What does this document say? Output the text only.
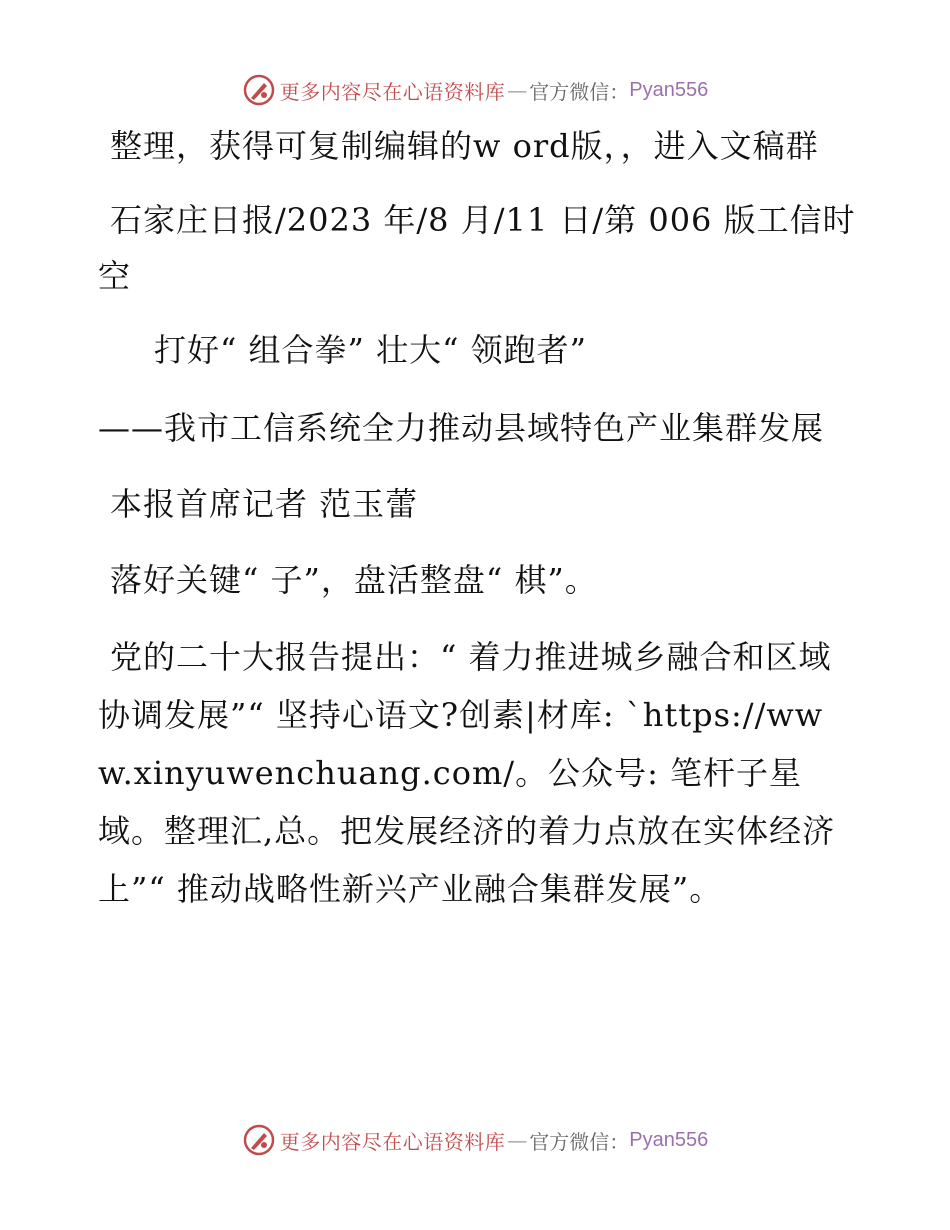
更多内容尽在心语资料库 — 官方微信： Pyan556

整理，获得可复制编辑的w ord版，，进入文稿群

石家庄日报/2023 年/8 月/11 日/第 006 版工信时空

打好“ 组合拳” 壮大“ 领跑者”

——我市工信系统全力推动县域特色产业集群发展

本报首席记者 范玉蕾

落好关键“ 子”，盘活整盘“ 棋”。

党的二十大报告提出：“ 着力推进城乡融合和区域协调发展”“ 坚持心语文?创素|材库: `https://www.xinyuwenchuang.com/。公众号: 笔杆子星域。整理汇,总。把发展经济的着力点放在实体经济上”“ 推动战略性新兴产业融合集群发展”。

更多内容尽在心语资料库 — 官方微信： Pyan556
